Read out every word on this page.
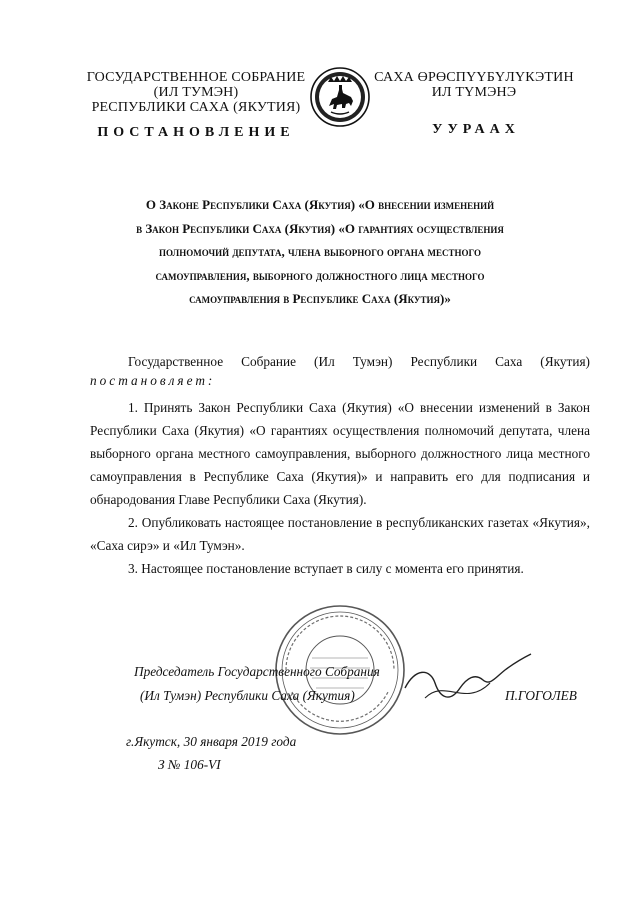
ГОСУДАРСТВЕННОЕ СОБРАНИЕ
(ИЛ ТУМЭН)
РЕСПУБЛИКИ САХА (ЯКУТИЯ)
САХА ӨРӨСПҮҮБҮЛҮКЭТИН
ИЛ ТҮМЭНЭ
ПОСТАНОВЛЕНИЕ	УУРААХ
О Законе Республики Саха (Якутия) «О внесении изменений
в Закон Республики Саха (Якутия) «О гарантиях осуществления
полномочий депутата, члена выборного органа местного
самоуправления, выборного должностного лица местного
самоуправления в Республике Саха (Якутия)»
Государственное Собрание (Ил Тумэн) Республики Саха (Якутия)
постановляет:
1. Принять Закон Республики Саха (Якутия) «О внесении изменений в Закон Республики Саха (Якутия) «О гарантиях осуществления полномочий депутата, члена выборного органа местного самоуправления, выборного должностного лица местного самоуправления в Республике Саха (Якутия)» и направить его для подписания и обнародования Главе Республики Саха (Якутия).
2. Опубликовать настоящее постановление в республиканских газетах «Якутия», «Саха сирэ» и «Ил Тумэн».
3. Настоящее постановление вступает в силу с момента его принятия.
Председатель Государственного Собрания
(Ил Тумэн) Республики Саха (Якутия)	П.ГОГОЛЕВ
г.Якутск, 30 января 2019 года
З № 106-VI
